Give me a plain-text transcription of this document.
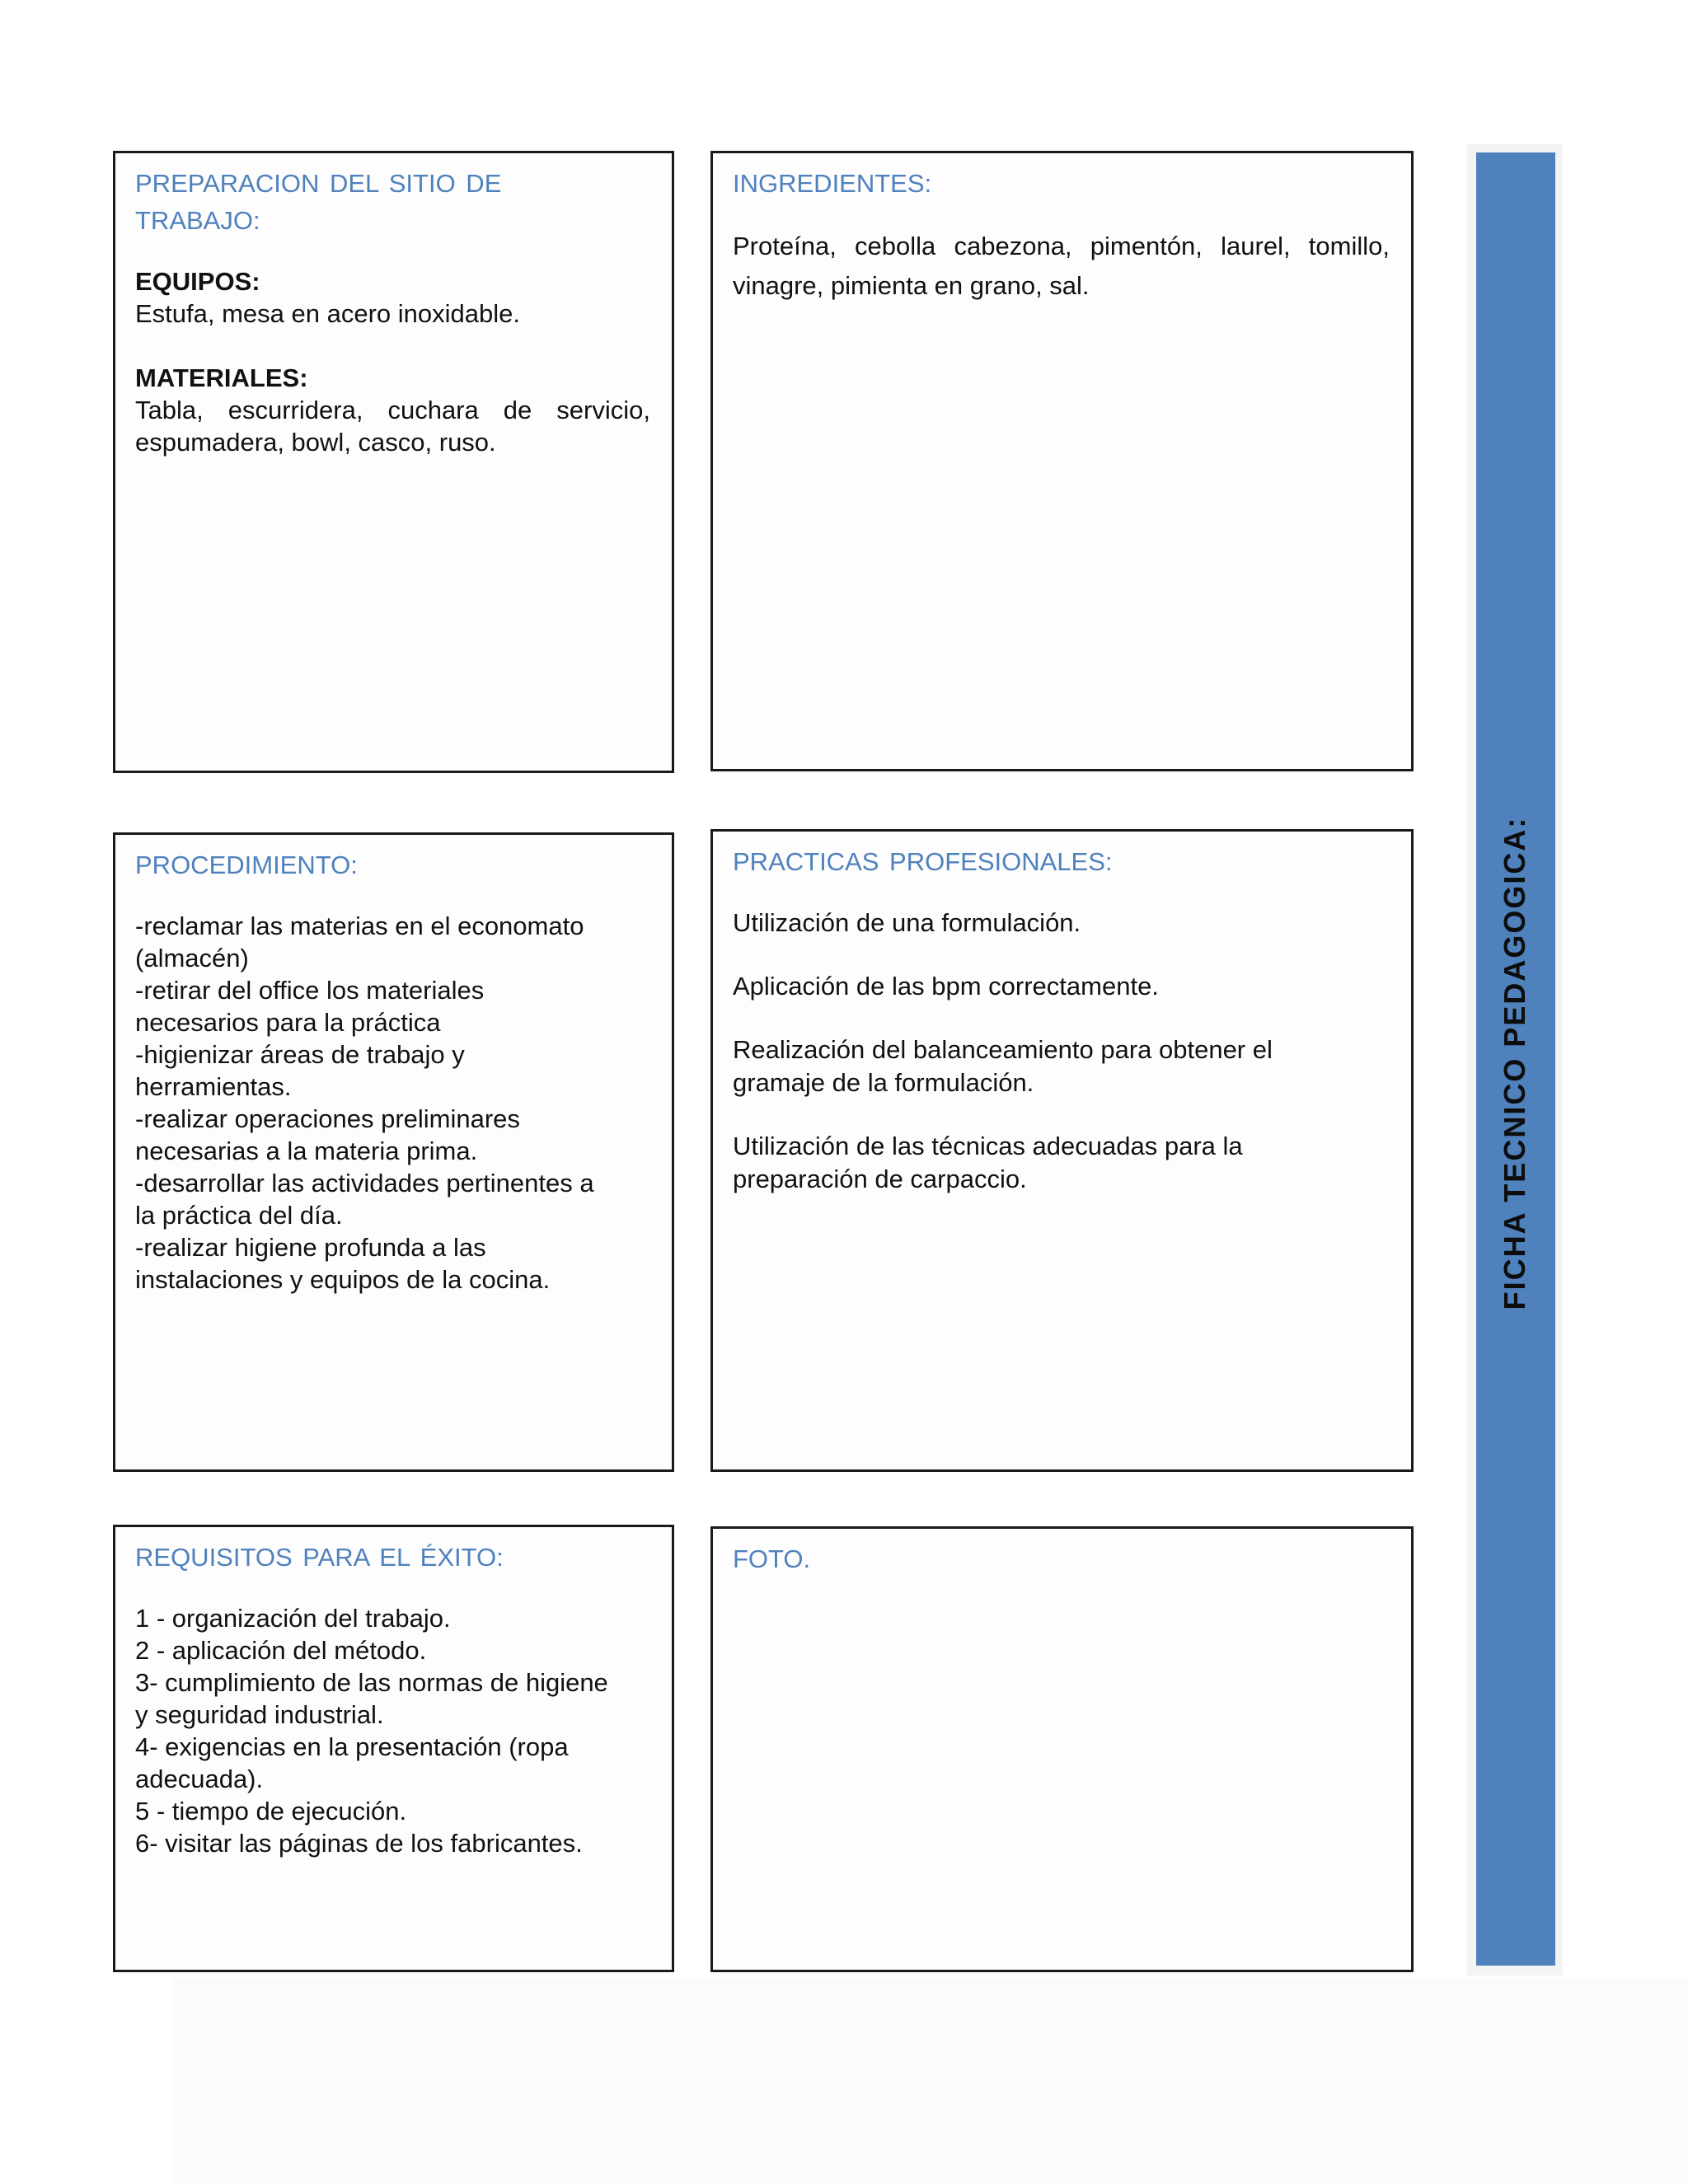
PREPARACION DEL SITIO DE TRABAJO:
EQUIPOS:
Estufa, mesa en acero inoxidable.
MATERIALES:
Tabla, escurridera, cuchara de servicio, espumadera, bowl, casco, ruso.
INGREDIENTES:
Proteína, cebolla cabezona, pimentón, laurel, tomillo, vinagre, pimienta en grano, sal.
PROCEDIMIENTO:
-reclamar las materias en el economato
(almacén)
-retirar del office los materiales
necesarios para la práctica
-higienizar áreas de trabajo y
herramientas.
-realizar operaciones preliminares
necesarias a la materia prima.
-desarrollar las actividades pertinentes a
la práctica del día.
-realizar higiene profunda a las
instalaciones y equipos de la cocina.
PRACTICAS PROFESIONALES:
Utilización de una formulación.
Aplicación de las bpm correctamente.
Realización del balanceamiento para obtener el gramaje de la formulación.
Utilización de las técnicas adecuadas para la preparación de carpaccio.
REQUISITOS PARA EL ÉXITO:
1 - organización del trabajo.
2 - aplicación del método.
3- cumplimiento de las normas de higiene
y seguridad industrial.
4- exigencias en la presentación (ropa
adecuada).
5 - tiempo de ejecución.
6- visitar las páginas de los fabricantes.
FOTO.
FICHA TECNICO PEDAGOGICA:
